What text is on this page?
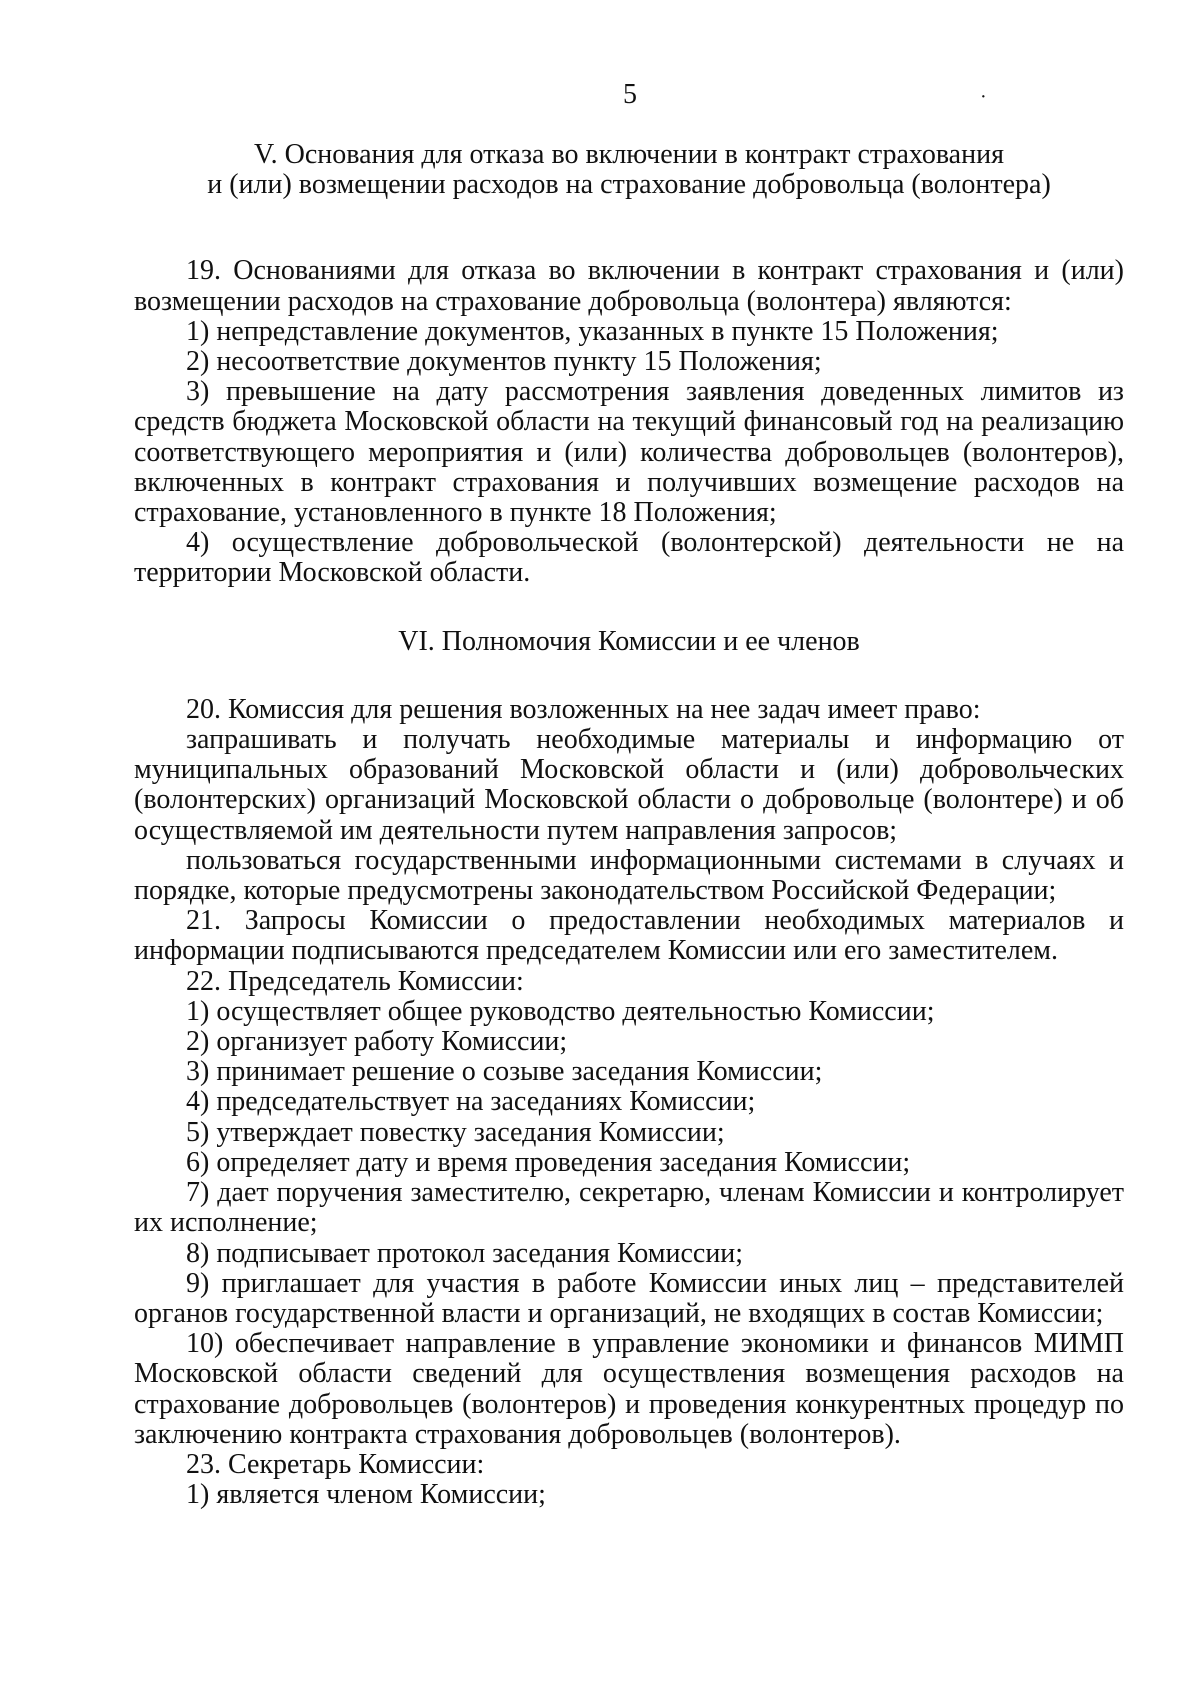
5	·

V. Основания для отказа во включении в контракт страхования

и (или) возмещении расходов на страхование добровольца (волонтера)

19. Основаниями для отказа во включении в контракт страхования и (или) возмещении расходов на страхование добровольца (волонтера) являются:

1) непредставление документов, указанных в пункте 15 Положения;

2) несоответствие документов пункту 15 Положения;

3) превышение на дату рассмотрения заявления доведенных лимитов из средств бюджета Московской области на текущий финансовый год на реализацию соответствующего мероприятия и (или) количества добровольцев (волонтеров), включенных в контракт страхования и получивших возмещение расходов на страхование, установленного в пункте 18 Положения;

4) осуществление добровольческой (волонтерской) деятельности не на территории Московской области.

VI. Полномочия Комиссии и ее членов

20. Комиссия для решения возложенных на нее задач имеет право:

запрашивать и получать необходимые материалы и информацию от муниципальных образований Московской области и (или) добровольческих (волонтерских) организаций Московской области о добровольце (волонтере) и об осуществляемой им деятельности путем направления запросов;

пользоваться государственными информационными системами в случаях и порядке, которые предусмотрены законодательством Российской Федерации;

21. Запросы Комиссии о предоставлении необходимых материалов и информации подписываются председателем Комиссии или его заместителем.

22. Председатель Комиссии:

1) осуществляет общее руководство деятельностью Комиссии;

2) организует работу Комиссии;

3) принимает решение о созыве заседания Комиссии;

4) председательствует на заседаниях Комиссии;

5) утверждает повестку заседания Комиссии;

6) определяет дату и время проведения заседания Комиссии;

7) дает поручения заместителю, секретарю, членам Комиссии и контролирует их исполнение;

8) подписывает протокол заседания Комиссии;

9) приглашает для участия в работе Комиссии иных лиц – представителей органов государственной власти и организаций, не входящих в состав Комиссии;

10) обеспечивает направление в управление экономики и финансов МИМП Московской области сведений для осуществления возмещения расходов на страхование добровольцев (волонтеров) и проведения конкурентных процедур по заключению контракта страхования добровольцев (волонтеров).

23. Секретарь Комиссии:

1) является членом Комиссии;
